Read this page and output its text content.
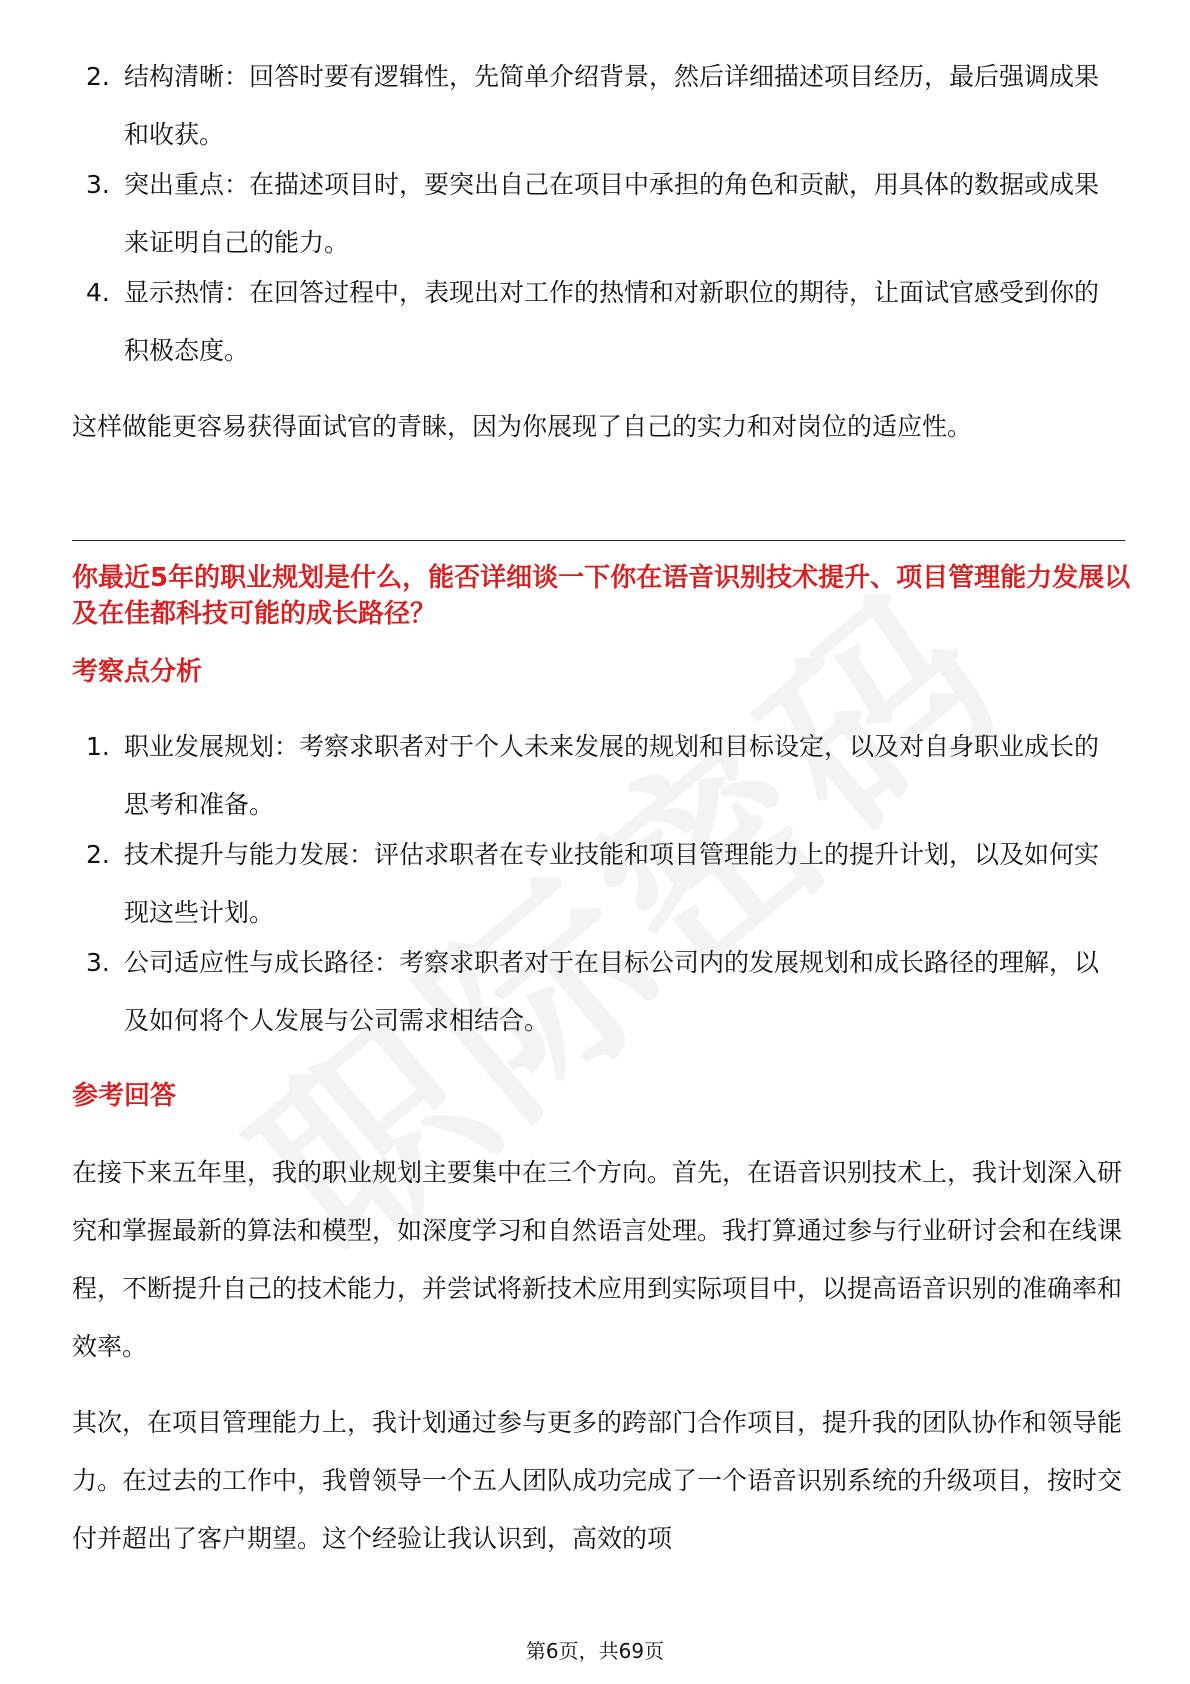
2. 结构清晰：回答时要有逻辑性，先简单介绍背景，然后详细描述项目经历，最后强调成果和收获。
3. 突出重点：在描述项目时，要突出自己在项目中承担的角色和贡献，用具体的数据或成果来证明自己的能力。
4. 显示热情：在回答过程中，表现出对工作的热情和对新职位的期待，让面试官感受到你的积极态度。
这样做能更容易获得面试官的青睐，因为你展现了自己的实力和对岗位的适应性。
你最近5年的职业规划是什么，能否详细谈一下你在语音识别技术提升、项目管理能力发展以及在佳都科技可能的成长路径？
考察点分析
1. 职业发展规划：考察求职者对于个人未来发展的规划和目标设定，以及对自身职业成长的思考和准备。
2. 技术提升与能力发展：评估求职者在专业技能和项目管理能力上的提升计划，以及如何实现这些计划。
3. 公司适应性与成长路径：考察求职者对于在目标公司内的发展规划和成长路径的理解，以及如何将个人发展与公司需求相结合。
参考回答
在接下来五年里，我的职业规划主要集中在三个方向。首先，在语音识别技术上，我计划深入研究和掌握最新的算法和模型，如深度学习和自然语言处理。我打算通过参与行业研讨会和在线课程，不断提升自己的技术能力，并尝试将新技术应用到实际项目中，以提高语音识别的准确率和效率。
其次，在项目管理能力上，我计划通过参与更多的跨部门合作项目，提升我的团队协作和领导能力。在过去的工作中，我曾领导一个五人团队成功完成了一个语音识别系统的升级项目，按时交付并超出了客户期望。这个经验让我认识到，高效的项
第6页，共69页
